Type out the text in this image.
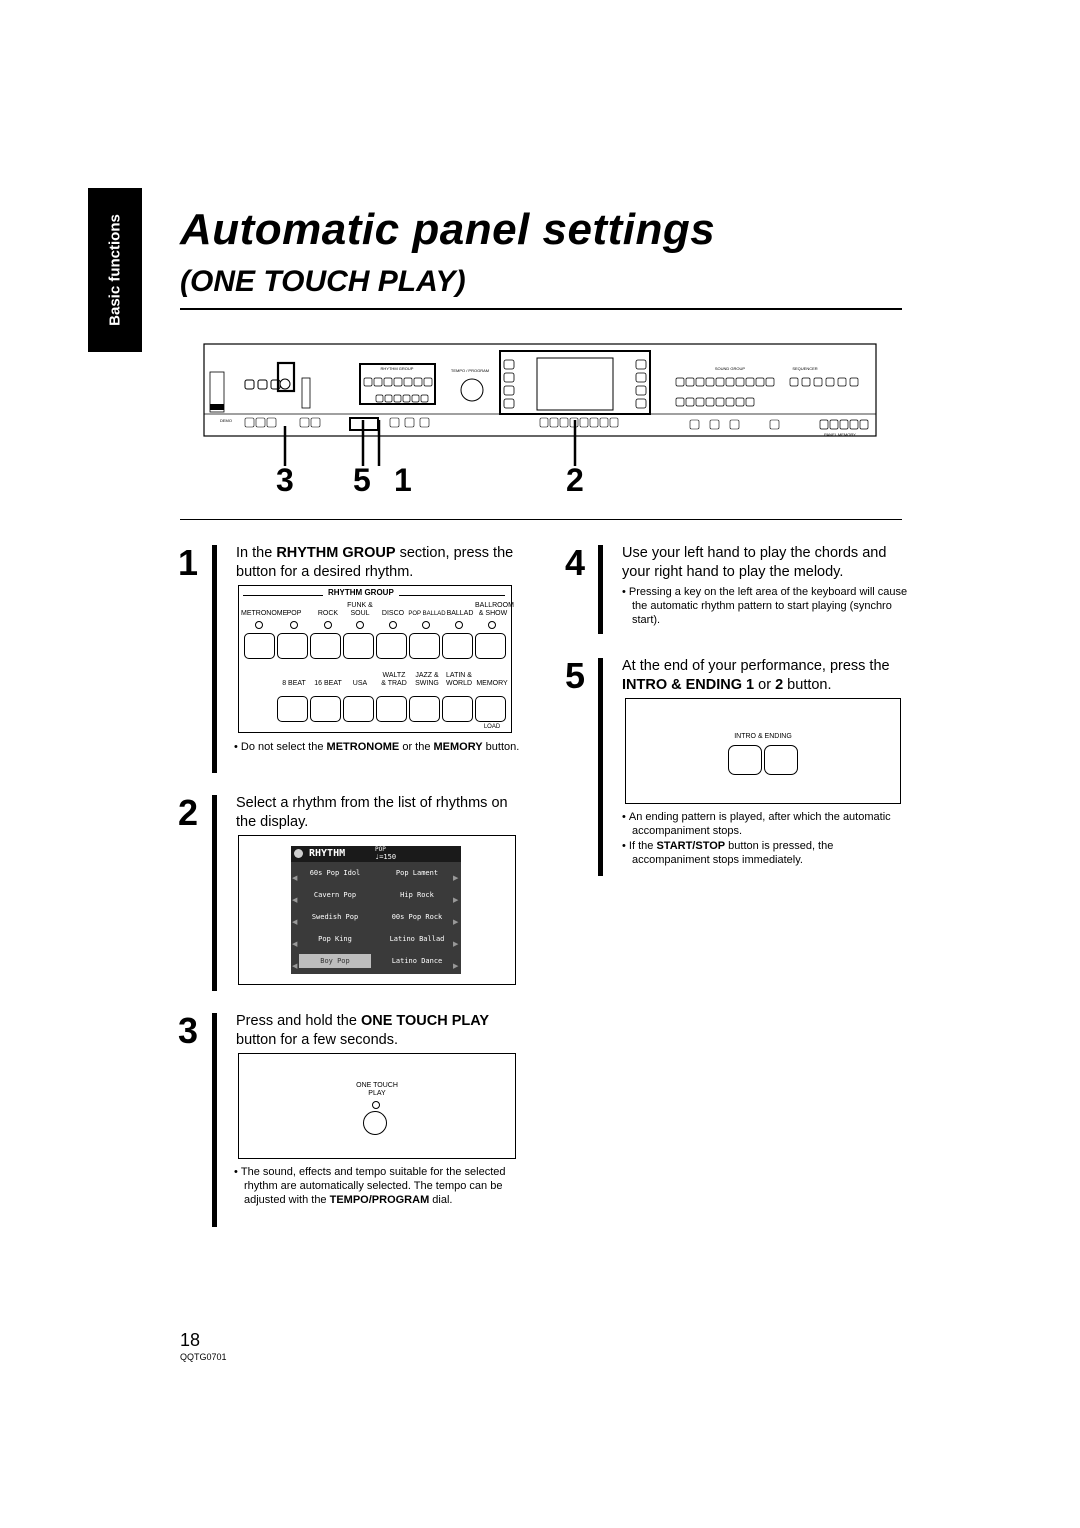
Basic functions Automatic panel settings
(ONE TOUCH PLAY)
RHYTHM GROUP	TEMPO / PROGRAM	SOUND GROUP	SEQUENCER
DEMO
PANEL MEMORY
3 5 1	2
1	In the RHYTHM GROUP section, press the button for a desired rhythm.
RHYTHM GROUP
METRONOME POP	ROCK
FUNK &
SOUL	DISCO POP BALLAD BALLAD
BALLROOM
& SHOW
8 BEAT	16 BEAT	USA
WALTZ
& TRAD
JAZZ &
SWING
LATIN &
WORLD MEMORY
LOAD
• Do not select the METRONOME or the MEMORY button.
2	Select a rhythm from the list of rhythms on the display.
RHYTHM	POP
♩=150
60s Pop Idol	Pop Lament
Cavern Pop	Hip Rock
Swedish Pop	00s Pop Rock
Pop King	Latino Ballad
Boy Pop	Latino Dance
◀
◀
◀
◀
◀
▶
▶
▶
▶
▶
3	Press and hold the ONE TOUCH PLAY button for a few seconds.
ONE TOUCH
PLAY
• The sound, effects and tempo suitable for the selected rhythm are automatically selected. The tempo can be adjusted with the TEMPO/PROGRAM dial.
4	Use your left hand to play the chords and your right hand to play the melody.
• Pressing a key on the left area of the keyboard will cause the automatic rhythm pattern to start playing (synchro start).
5	At the end of your performance, press the INTRO & ENDING 1 or 2 button.
INTRO & ENDING
• An ending pattern is played, after which the automatic accompaniment stops.
• If the START/STOP button is pressed, the accompaniment stops immediately.
18
QQTG0701
